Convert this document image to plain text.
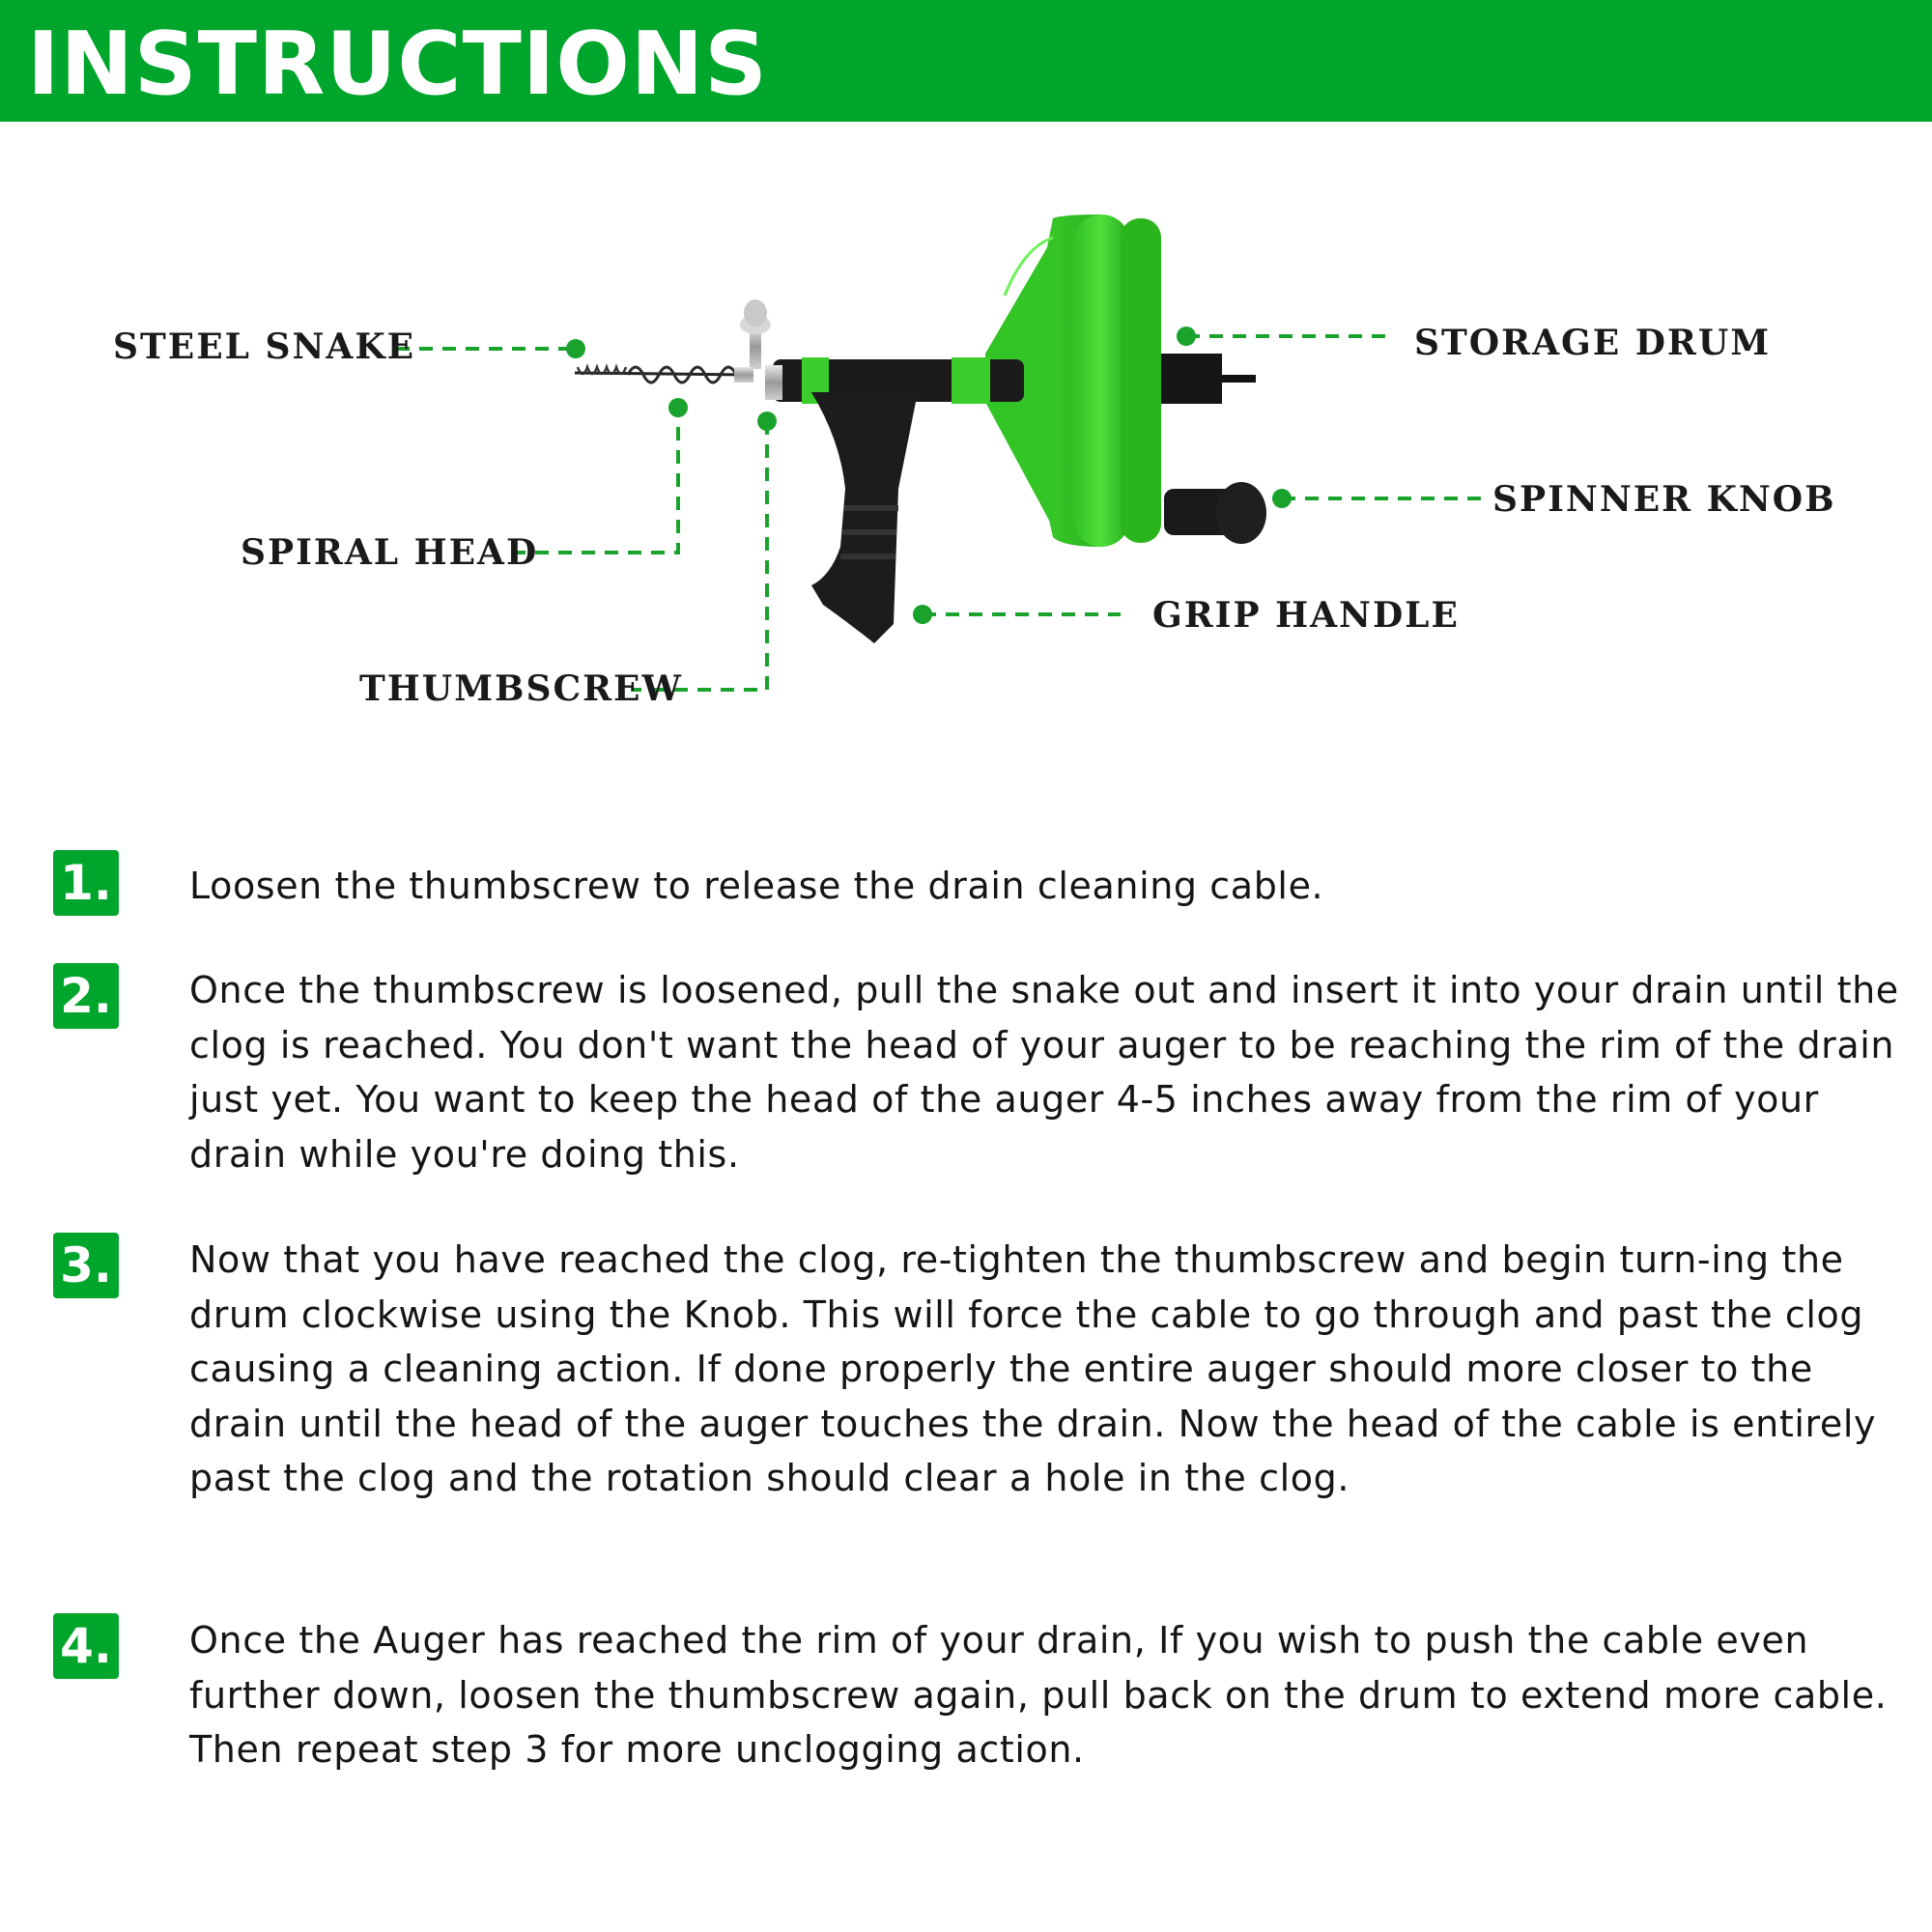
INSTRUCTIONS
STEEL SNAKE
SPIRAL HEAD
THUMBSCREW
STORAGE DRUM
SPINNER KNOB
GRIP HANDLE
1. Loosen the thumbscrew to release the drain cleaning cable.
2. Once the thumbscrew is loosened, pull the snake out and insert it into your drain until the clog is reached. You don't want the head of your auger to be reaching the rim of the drain just yet. You want to keep the head of the auger 4-5 inches away from the rim of your drain while you're doing this.
3. Now that you have reached the clog, re-tighten the thumbscrew and begin turn-ing the drum clockwise using the Knob. This will force the cable to go through and past the clog causing a cleaning action. If done properly the entire auger should more closer to the drain until the head of the auger touches the drain. Now the head of the cable is entirely past the clog and the rotation should clear a hole in the clog.
4. Once the Auger has reached the rim of your drain, If you wish to push the cable even further down, loosen the thumbscrew again, pull back on the drum to extend more cable. Then repeat step 3 for more unclogging action.
